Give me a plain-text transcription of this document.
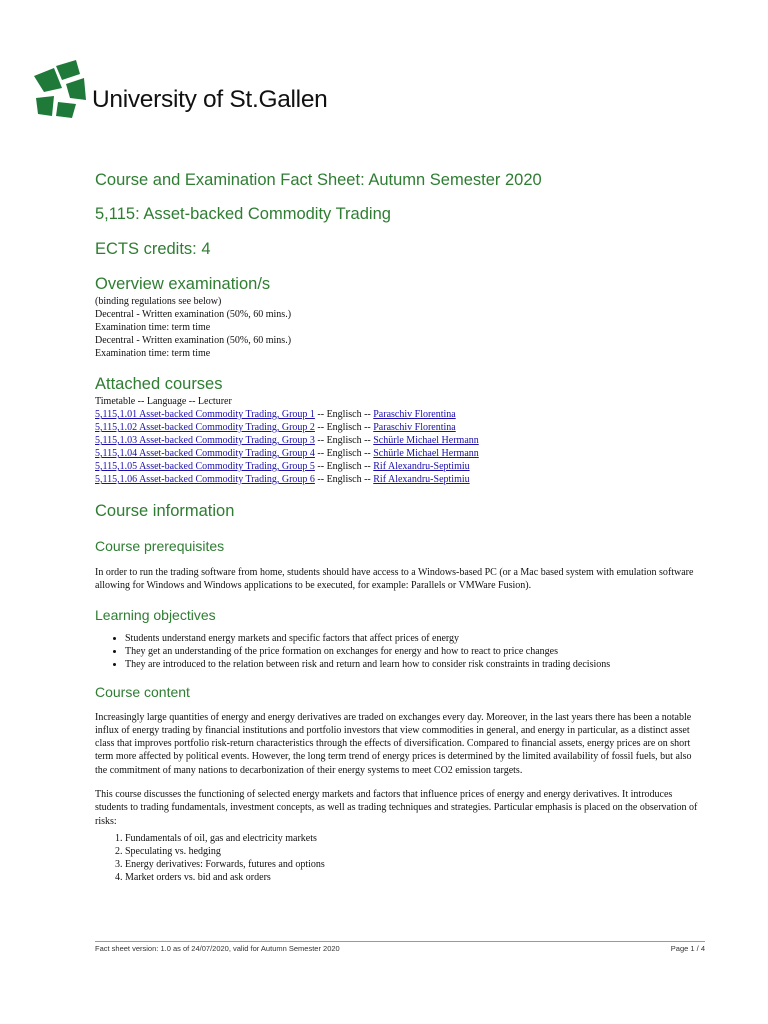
University of St.Gallen
Course and Examination Fact Sheet: Autumn Semester 2020
5,115: Asset-backed Commodity Trading
ECTS credits: 4
Overview examination/s

(binding regulations see below)

Decentral - Written examination (50%, 60 mins.)

Examination time: term time

Decentral - Written examination (50%, 60 mins.)

Examination time: term time

Attached courses

Timetable -- Language -- Lecturer

5,115,1.01 Asset-backed Commodity Trading, Group 1 -- Englisch -- Paraschiv Florentina

5,115,1.02 Asset-backed Commodity Trading, Group 2 -- Englisch -- Paraschiv Florentina

5,115,1.03 Asset-backed Commodity Trading, Group 3 -- Englisch -- Schürle Michael Hermann

5,115,1.04 Asset-backed Commodity Trading, Group 4 -- Englisch -- Schürle Michael Hermann

5,115,1.05 Asset-backed Commodity Trading, Group 5 -- Englisch -- Rif Alexandru-Septimiu

5,115,1.06 Asset-backed Commodity Trading, Group 6 -- Englisch -- Rif Alexandru-Septimiu

Course information
Course prerequisites

In order to run the trading software from home, students should have access to a Windows-based PC (or a Mac based system with emulation software allowing for Windows and Windows applications to be executed, for example: Parallels or VMWare Fusion).

Learning objectives
• Students understand energy markets and specific factors that affect prices of energy
• They get an understanding of the price formation on exchanges for energy and how to react to price changes
• They are introduced to the relation between risk and return and learn how to consider risk constraints in trading decisions
Course content

Increasingly large quantities of energy and energy derivatives are traded on exchanges every day. Moreover, in the last years there has been a notable influx of energy trading by financial institutions and portfolio investors that view commodities in general, and energy in particular, as a distinct asset class that improves portfolio risk-return characteristics through the effects of diversification. Compared to financial assets, energy prices are on short term more affected by political events. However, the long term trend of energy prices is determined by the limited availability of fossil fuels, but also the commitment of many nations to decarbonization of their energy systems to meet CO2 emission targets.

This course discusses the functioning of selected energy markets and factors that influence prices of energy and energy derivatives. It introduces students to trading fundamentals, investment concepts, as well as trading techniques and strategies. Particular emphasis is placed on the observation of risks:

1. Fundamentals of oil, gas and electricity markets
2. Speculating vs. hedging
3. Energy derivatives: Forwards, futures and options
4. Market orders vs. bid and ask orders
Fact sheet version: 1.0 as of 24/07/2020, valid for Autumn Semester 2020	Page 1 / 4
